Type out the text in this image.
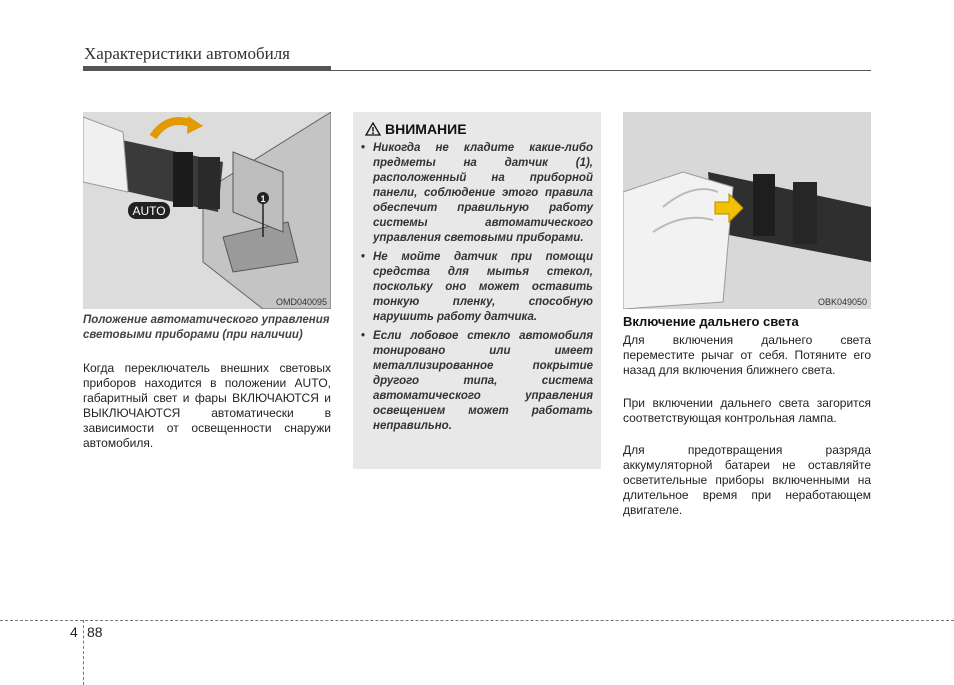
Характеристики автомобиля
1
AUTO
OMD040095
Положение автоматического управления световыми приборами (при наличии)
Когда переключатель внешних световых приборов находится в положении AUTO, габаритный свет и фары ВКЛЮЧАЮТСЯ и ВЫКЛЮЧАЮТСЯ автоматически в зависимости от освещенности снаружи автомобиля.
ВНИМАНИЕ
• Никогда не кладите какие-либо предметы на датчик (1), расположенный на приборной панели, соблюдение этого правила обеспечит правильную работу системы автоматического управления световыми приборами.
• Не мойте датчик при помощи средства для мытья стекол, поскольку оно может оставить тонкую пленку, способную нарушить работу датчика.
• Если лобовое стекло автомобиля тонировано или имеет металлизированное покрытие другого типа, система автоматического управления освещением может работать неправильно.
OBK049050
Включение дальнего света
Для включения дальнего света переместите рычаг от себя. Потяните его назад для включения ближнего света.
При включении дальнего света загорится соответствующая контрольная лампа.
Для предотвращения разряда аккумуляторной батареи не оставляйте осветительные приборы включенными на длительное время при неработающем двигателе.
4 88
